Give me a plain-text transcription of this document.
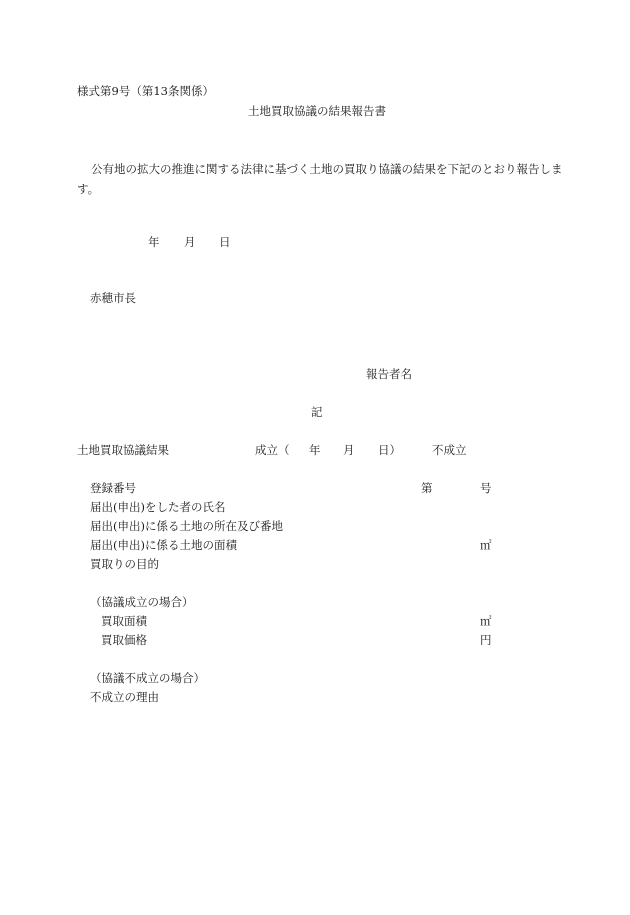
様式第9号（第13条関係）
土地買取協議の結果報告書

公有地の拡大の推進に関する法律に基づく土地の買取り協議の結果を下記のとおり報告します。

年 月 日
赤穂市長
報告者名
記
土地買取協議結果	成立（ 年 月 日）	不成立
登録番号	第	号
届出(申出)をした者の氏名
届出(申出)に係る土地の所在及び番地
届出(申出)に係る土地の面積	㎡
買取りの目的
（協議成立の場合）
買取面積	㎡
買取価格	円
（協議不成立の場合）
不成立の理由
